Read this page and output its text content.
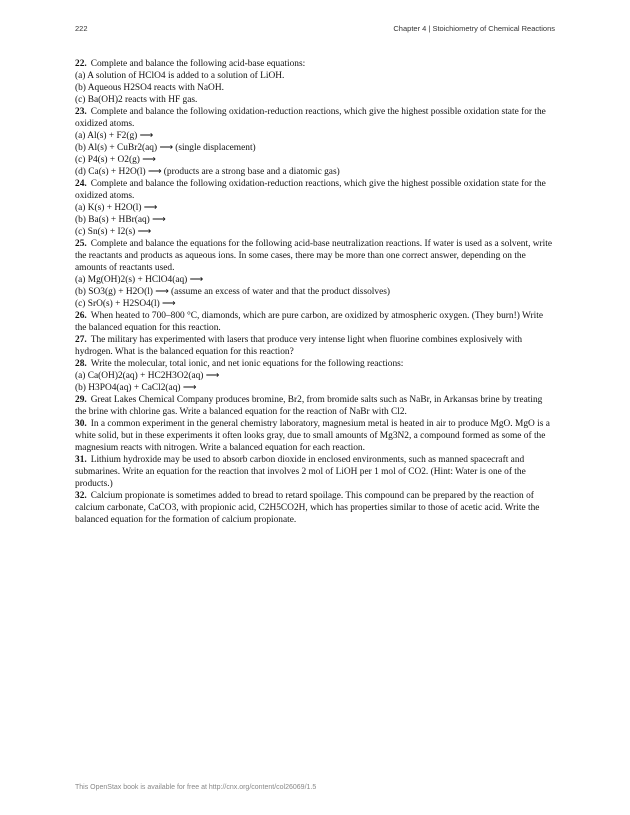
222	Chapter 4 | Stoichiometry of Chemical Reactions

22. Complete and balance the following acid-base equations:

(a) A solution of HClO4 is added to a solution of LiOH.

(b) Aqueous H2SO4 reacts with NaOH.

(c) Ba(OH)2 reacts with HF gas.

23. Complete and balance the following oxidation-reduction reactions, which give the highest possible oxidation state for the oxidized atoms.

(a) Al(s) + F2(g) ⟶

(b) Al(s) + CuBr2(aq) ⟶ (single displacement)

(c) P4(s) + O2(g) ⟶

(d) Ca(s) + H2O(l) ⟶ (products are a strong base and a diatomic gas)

24. Complete and balance the following oxidation-reduction reactions, which give the highest possible oxidation state for the oxidized atoms.

(a) K(s) + H2O(l) ⟶

(b) Ba(s) + HBr(aq) ⟶

(c) Sn(s) + I2(s) ⟶

25. Complete and balance the equations for the following acid-base neutralization reactions. If water is used as a solvent, write the reactants and products as aqueous ions. In some cases, there may be more than one correct answer, depending on the amounts of reactants used.

(a) Mg(OH)2(s) + HClO4(aq) ⟶

(b) SO3(g) + H2O(l) ⟶ (assume an excess of water and that the product dissolves)

(c) SrO(s) + H2SO4(l) ⟶

26. When heated to 700–800 °C, diamonds, which are pure carbon, are oxidized by atmospheric oxygen. (They burn!) Write the balanced equation for this reaction.

27. The military has experimented with lasers that produce very intense light when fluorine combines explosively with hydrogen. What is the balanced equation for this reaction?

28. Write the molecular, total ionic, and net ionic equations for the following reactions:

(a) Ca(OH)2(aq) + HC2H3O2(aq) ⟶

(b) H3PO4(aq) + CaCl2(aq) ⟶

29. Great Lakes Chemical Company produces bromine, Br2, from bromide salts such as NaBr, in Arkansas brine by treating the brine with chlorine gas. Write a balanced equation for the reaction of NaBr with Cl2.

30. In a common experiment in the general chemistry laboratory, magnesium metal is heated in air to produce MgO. MgO is a white solid, but in these experiments it often looks gray, due to small amounts of Mg3N2, a compound formed as some of the magnesium reacts with nitrogen. Write a balanced equation for each reaction.

31. Lithium hydroxide may be used to absorb carbon dioxide in enclosed environments, such as manned spacecraft and submarines. Write an equation for the reaction that involves 2 mol of LiOH per 1 mol of CO2. (Hint: Water is one of the products.)

32. Calcium propionate is sometimes added to bread to retard spoilage. This compound can be prepared by the reaction of calcium carbonate, CaCO3, with propionic acid, C2H5CO2H, which has properties similar to those of acetic acid. Write the balanced equation for the formation of calcium propionate.

This OpenStax book is available for free at http://cnx.org/content/col26069/1.5
